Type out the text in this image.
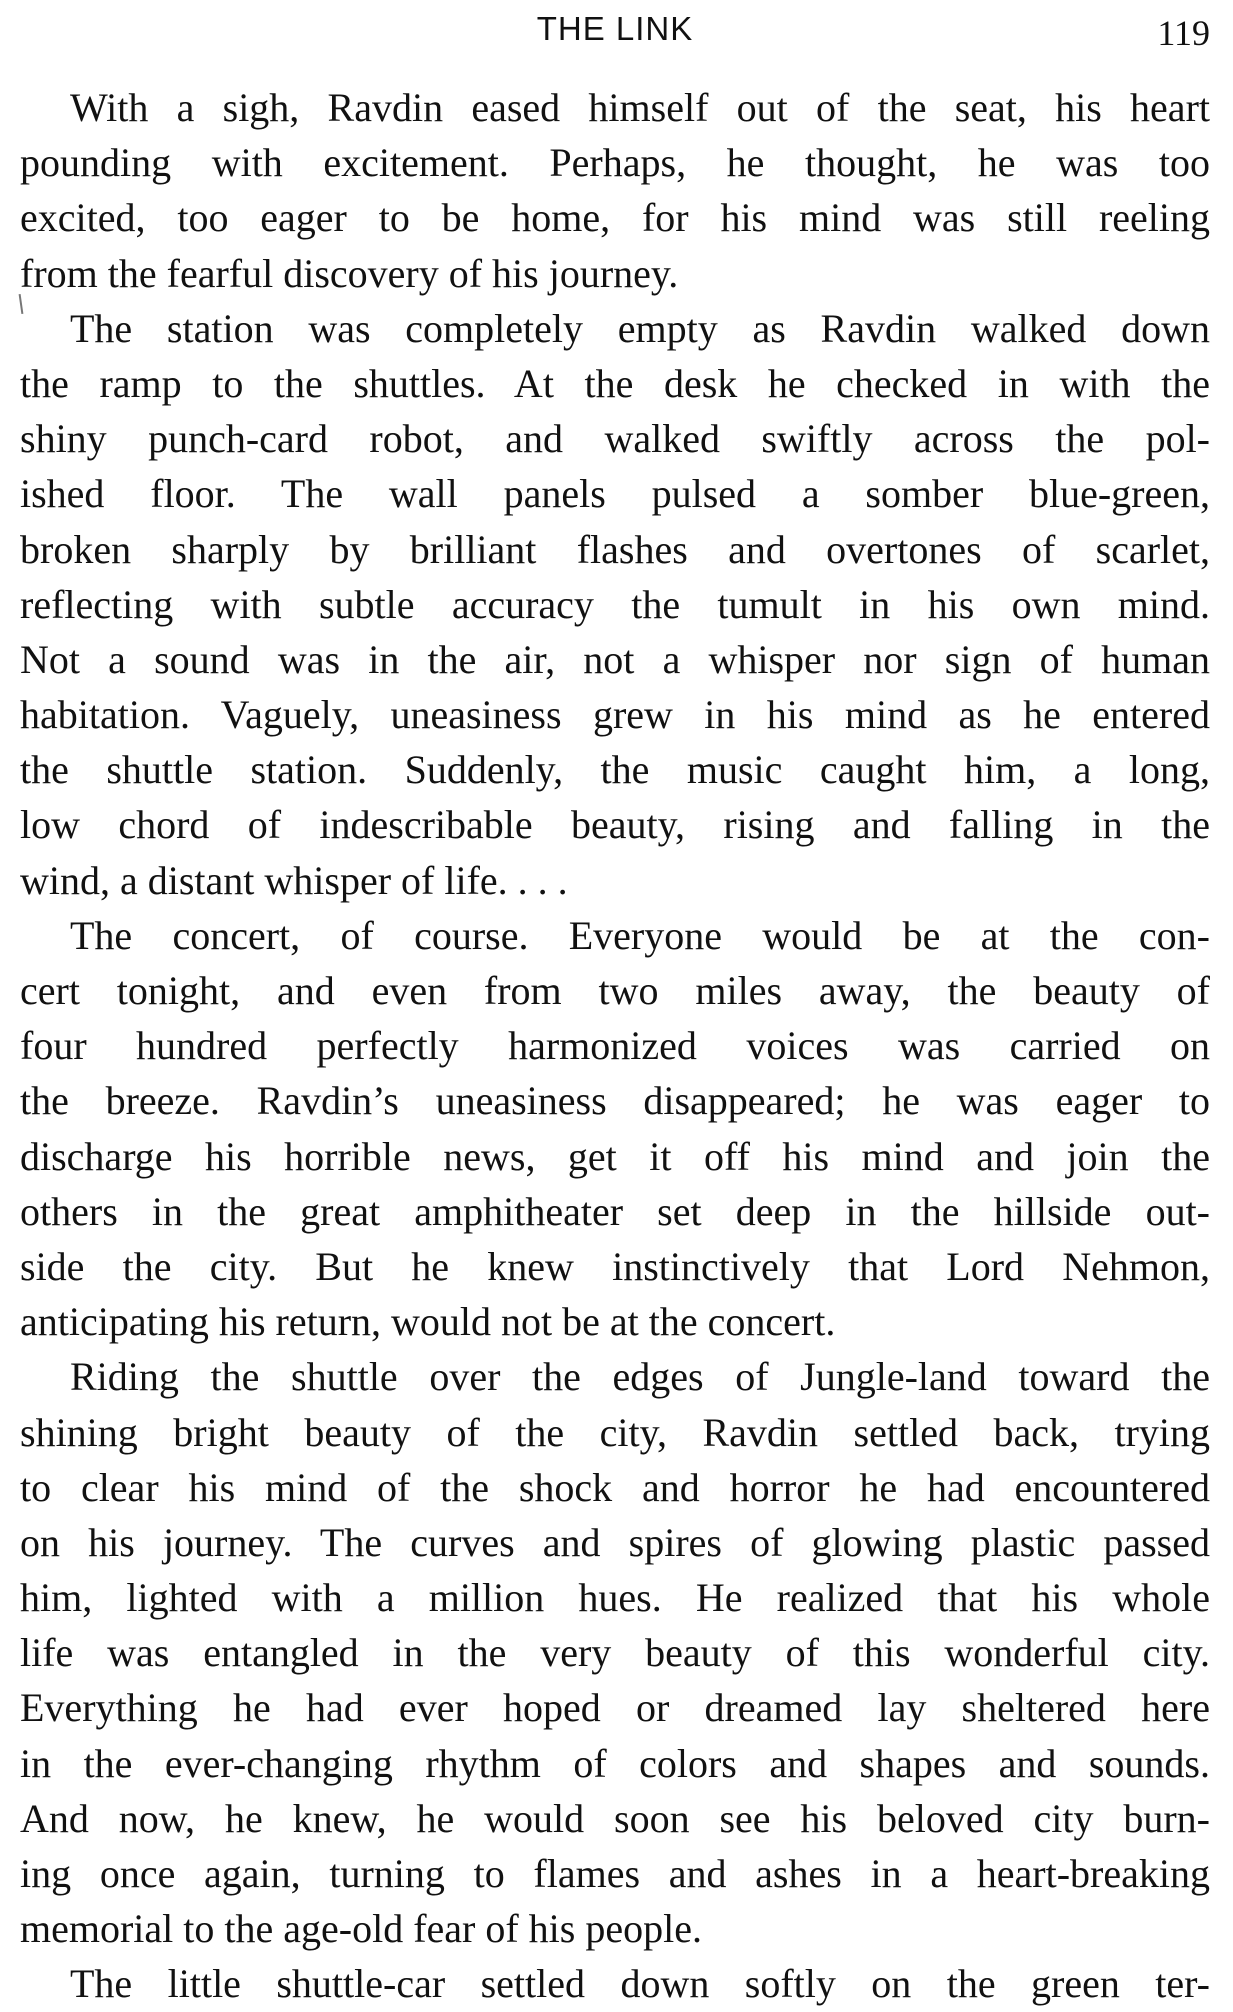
THE LINK	119
With a sigh, Ravdin eased himself out of the seat, his heart
pounding with excitement. Perhaps, he thought, he was too
excited, too eager to be home, for his mind was still reeling
from the fearful discovery of his journey.
The station was completely empty as Ravdin walked down
the ramp to the shuttles. At the desk he checked in with the
shiny punch-card robot, and walked swiftly across the pol-
ished floor. The wall panels pulsed a somber blue-green,
broken sharply by brilliant flashes and overtones of scarlet,
reflecting with subtle accuracy the tumult in his own mind.
Not a sound was in the air, not a whisper nor sign of human
habitation. Vaguely, uneasiness grew in his mind as he entered
the shuttle station. Suddenly, the music caught him, a long,
low chord of indescribable beauty, rising and falling in the
wind, a distant whisper of life. . . .
The concert, of course. Everyone would be at the con-
cert tonight, and even from two miles away, the beauty of
four hundred perfectly harmonized voices was carried on
the breeze. Ravdin’s uneasiness disappeared; he was eager to
discharge his horrible news, get it off his mind and join the
others in the great amphitheater set deep in the hillside out-
side the city. But he knew instinctively that Lord Nehmon,
anticipating his return, would not be at the concert.
Riding the shuttle over the edges of Jungle-land toward the
shining bright beauty of the city, Ravdin settled back, trying
to clear his mind of the shock and horror he had encountered
on his journey. The curves and spires of glowing plastic passed
him, lighted with a million hues. He realized that his whole
life was entangled in the very beauty of this wonderful city.
Everything he had ever hoped or dreamed lay sheltered here
in the ever-changing rhythm of colors and shapes and sounds.
And now, he knew, he would soon see his beloved city burn-
ing once again, turning to flames and ashes in a heart-breaking
memorial to the age-old fear of his people.
The little shuttle-car settled down softly on the green ter-
